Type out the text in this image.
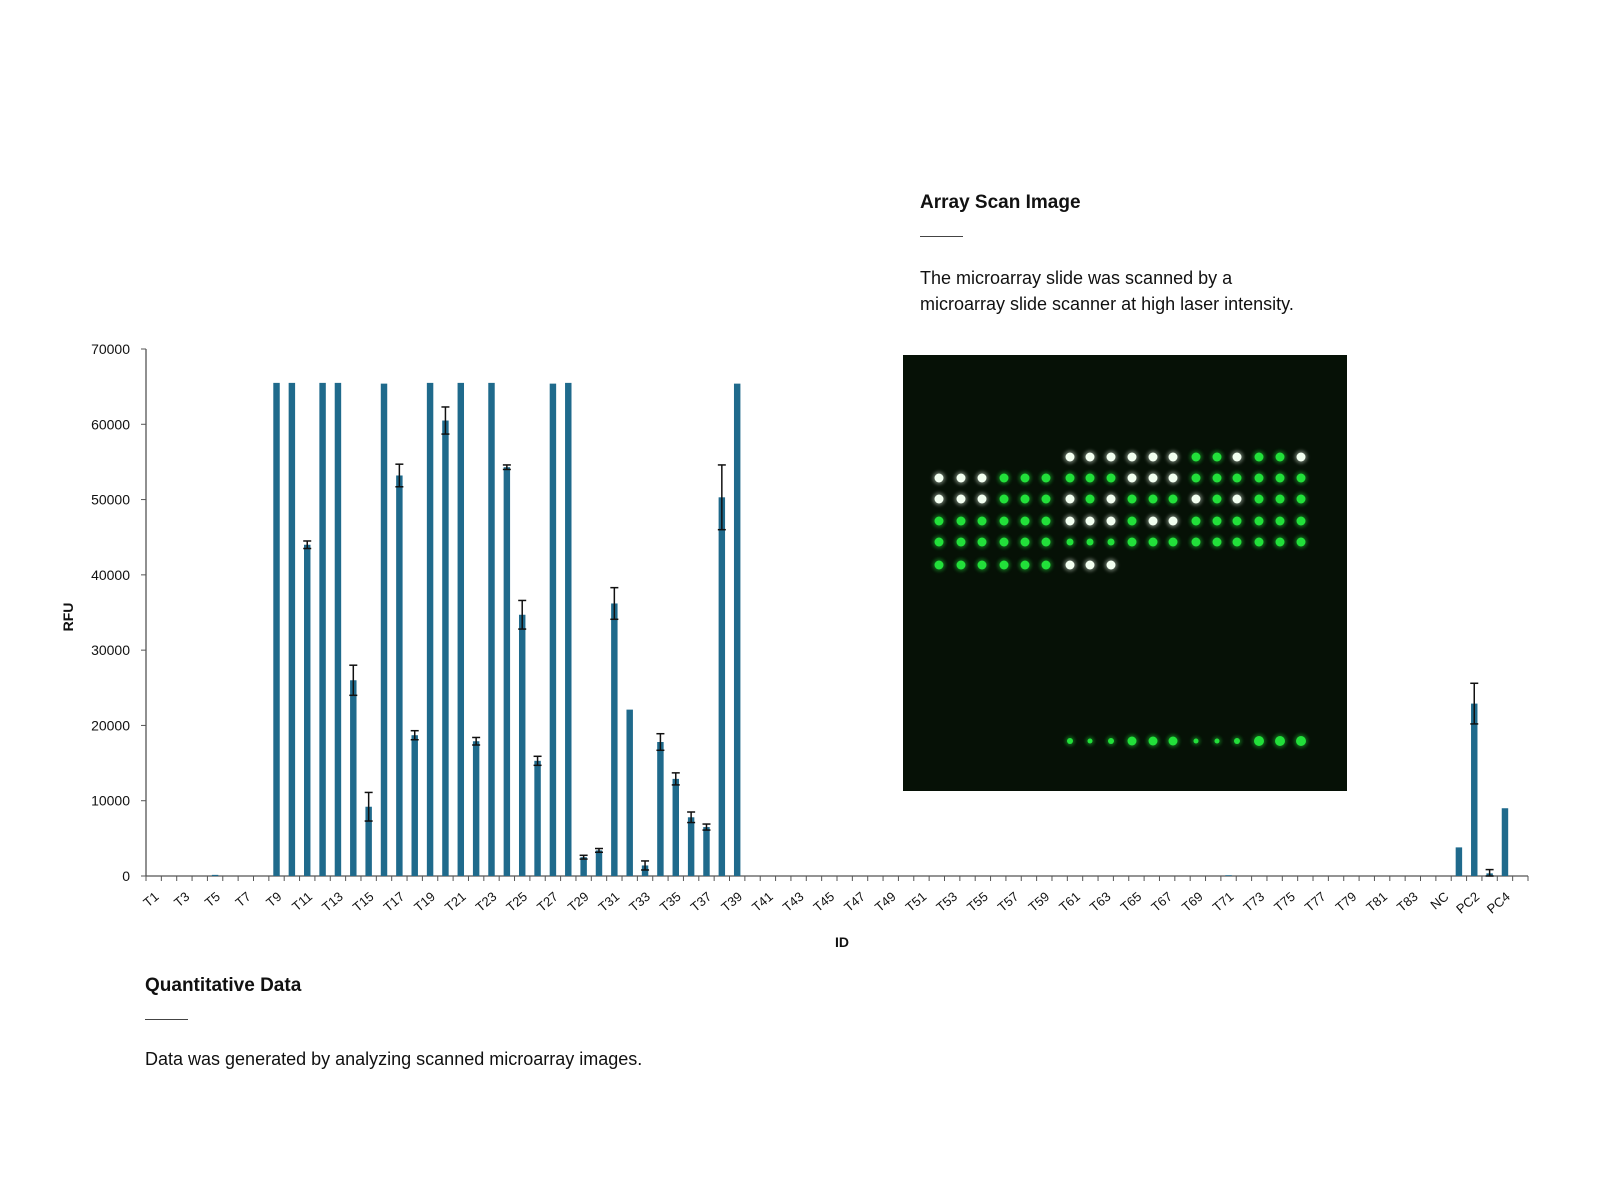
T1 T3 T5 T7 T9 T11 T13 T15 T17 T19 T21 T23 T25 T27 T29 T31 T33 T35 T37 T39 T41 T43 T45 T47 T49 T51 T53 T55 T57 T59 T61 T63 T65 T67 T69 T71 T73 T75 T77 T79 T81 T83 NC PC2 PC4
0
10000
20000
30000
40000
50000
60000
70000
ID
RFU
Array Scan Image

The microarray slide was scanned by a

microarray slide scanner at high laser intensity.

Quantitative Data

Data was generated by analyzing scanned microarray images.
